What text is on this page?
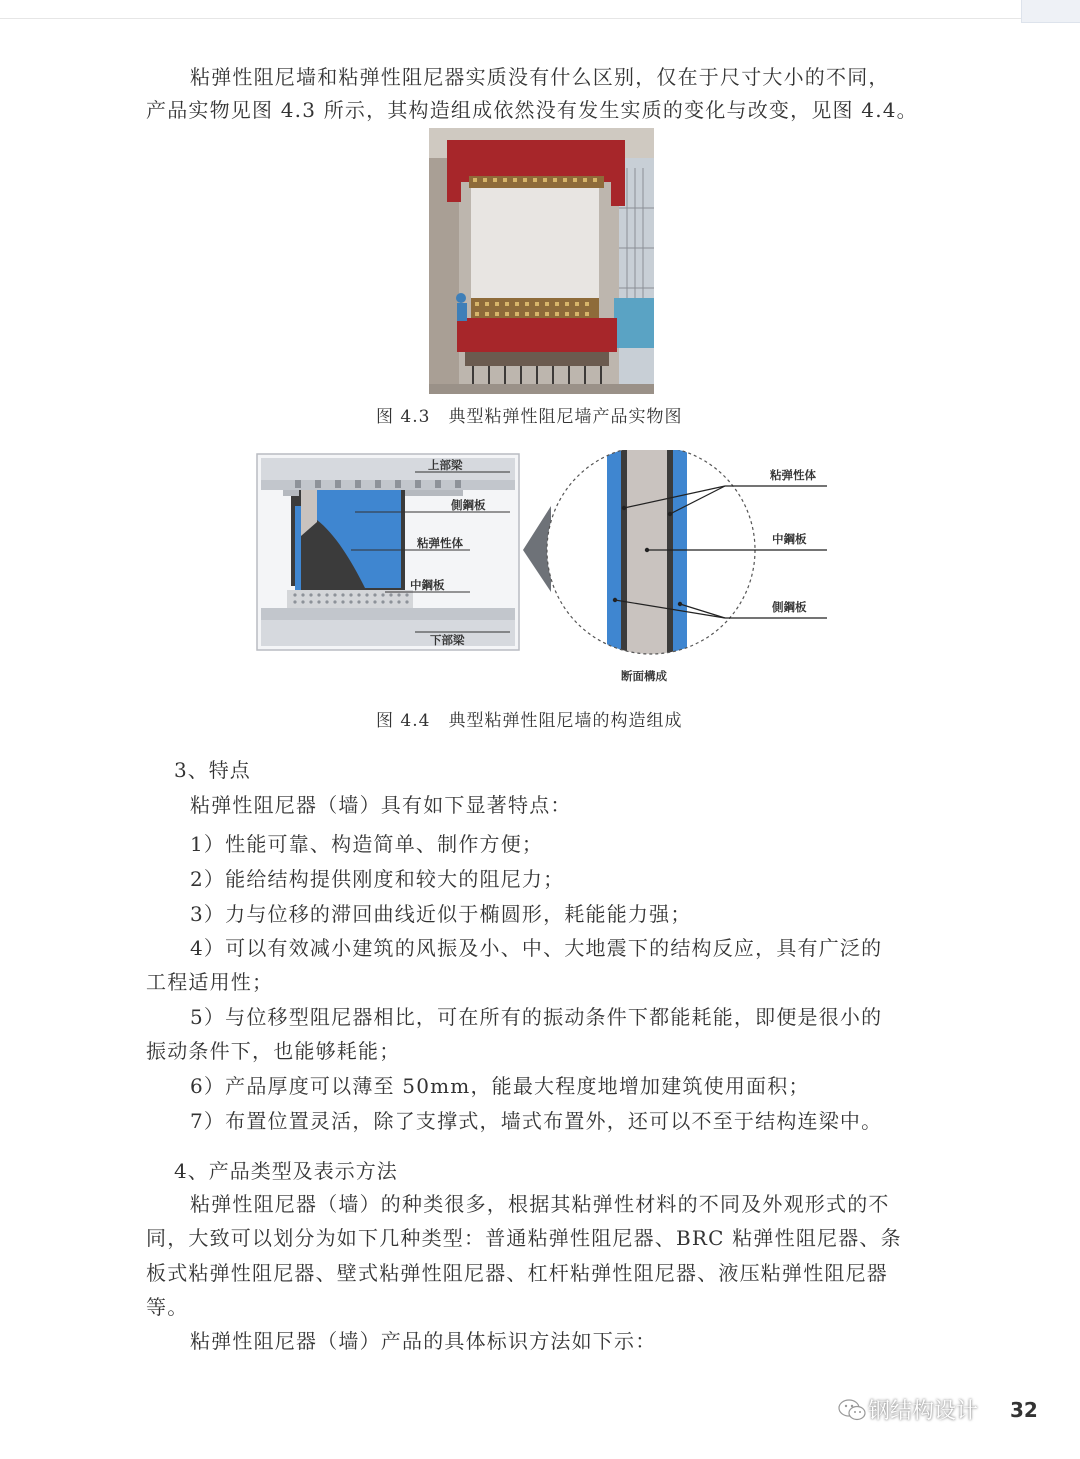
粘弹性阻尼墙和粘弹性阻尼器实质没有什么区别，仅在于尺寸大小的不同，
产品实物见图 4.3 所示，其构造组成依然没有发生实质的变化与改变，见图 4.4。
图 4.3　典型粘弹性阻尼墙产品实物图
上部梁
側鋼板
粘弹性体
中鋼板
下部梁
粘弹性体
中鋼板
側鋼板
断面構成
图 4.4　典型粘弹性阻尼墙的构造组成
3、特点
粘弹性阻尼器（墙）具有如下显著特点：
1）性能可靠、构造简单、制作方便；
2）能给结构提供刚度和较大的阻尼力；
3）力与位移的滞回曲线近似于椭圆形，耗能能力强；
4）可以有效减小建筑的风振及小、中、大地震下的结构反应，具有广泛的
工程适用性；
5）与位移型阻尼器相比，可在所有的振动条件下都能耗能，即便是很小的
振动条件下，也能够耗能；
6）产品厚度可以薄至 50mm，能最大程度地增加建筑使用面积；
7）布置位置灵活，除了支撑式，墙式布置外，还可以不至于结构连梁中。
4、产品类型及表示方法
粘弹性阻尼器（墙）的种类很多，根据其粘弹性材料的不同及外观形式的不
同，大致可以划分为如下几种类型：普通粘弹性阻尼器、BRC 粘弹性阻尼器、条
板式粘弹性阻尼器、壁式粘弹性阻尼器、杠杆粘弹性阻尼器、液压粘弹性阻尼器
等。
粘弹性阻尼器（墙）产品的具体标识方法如下示：
钢结构设计 32
